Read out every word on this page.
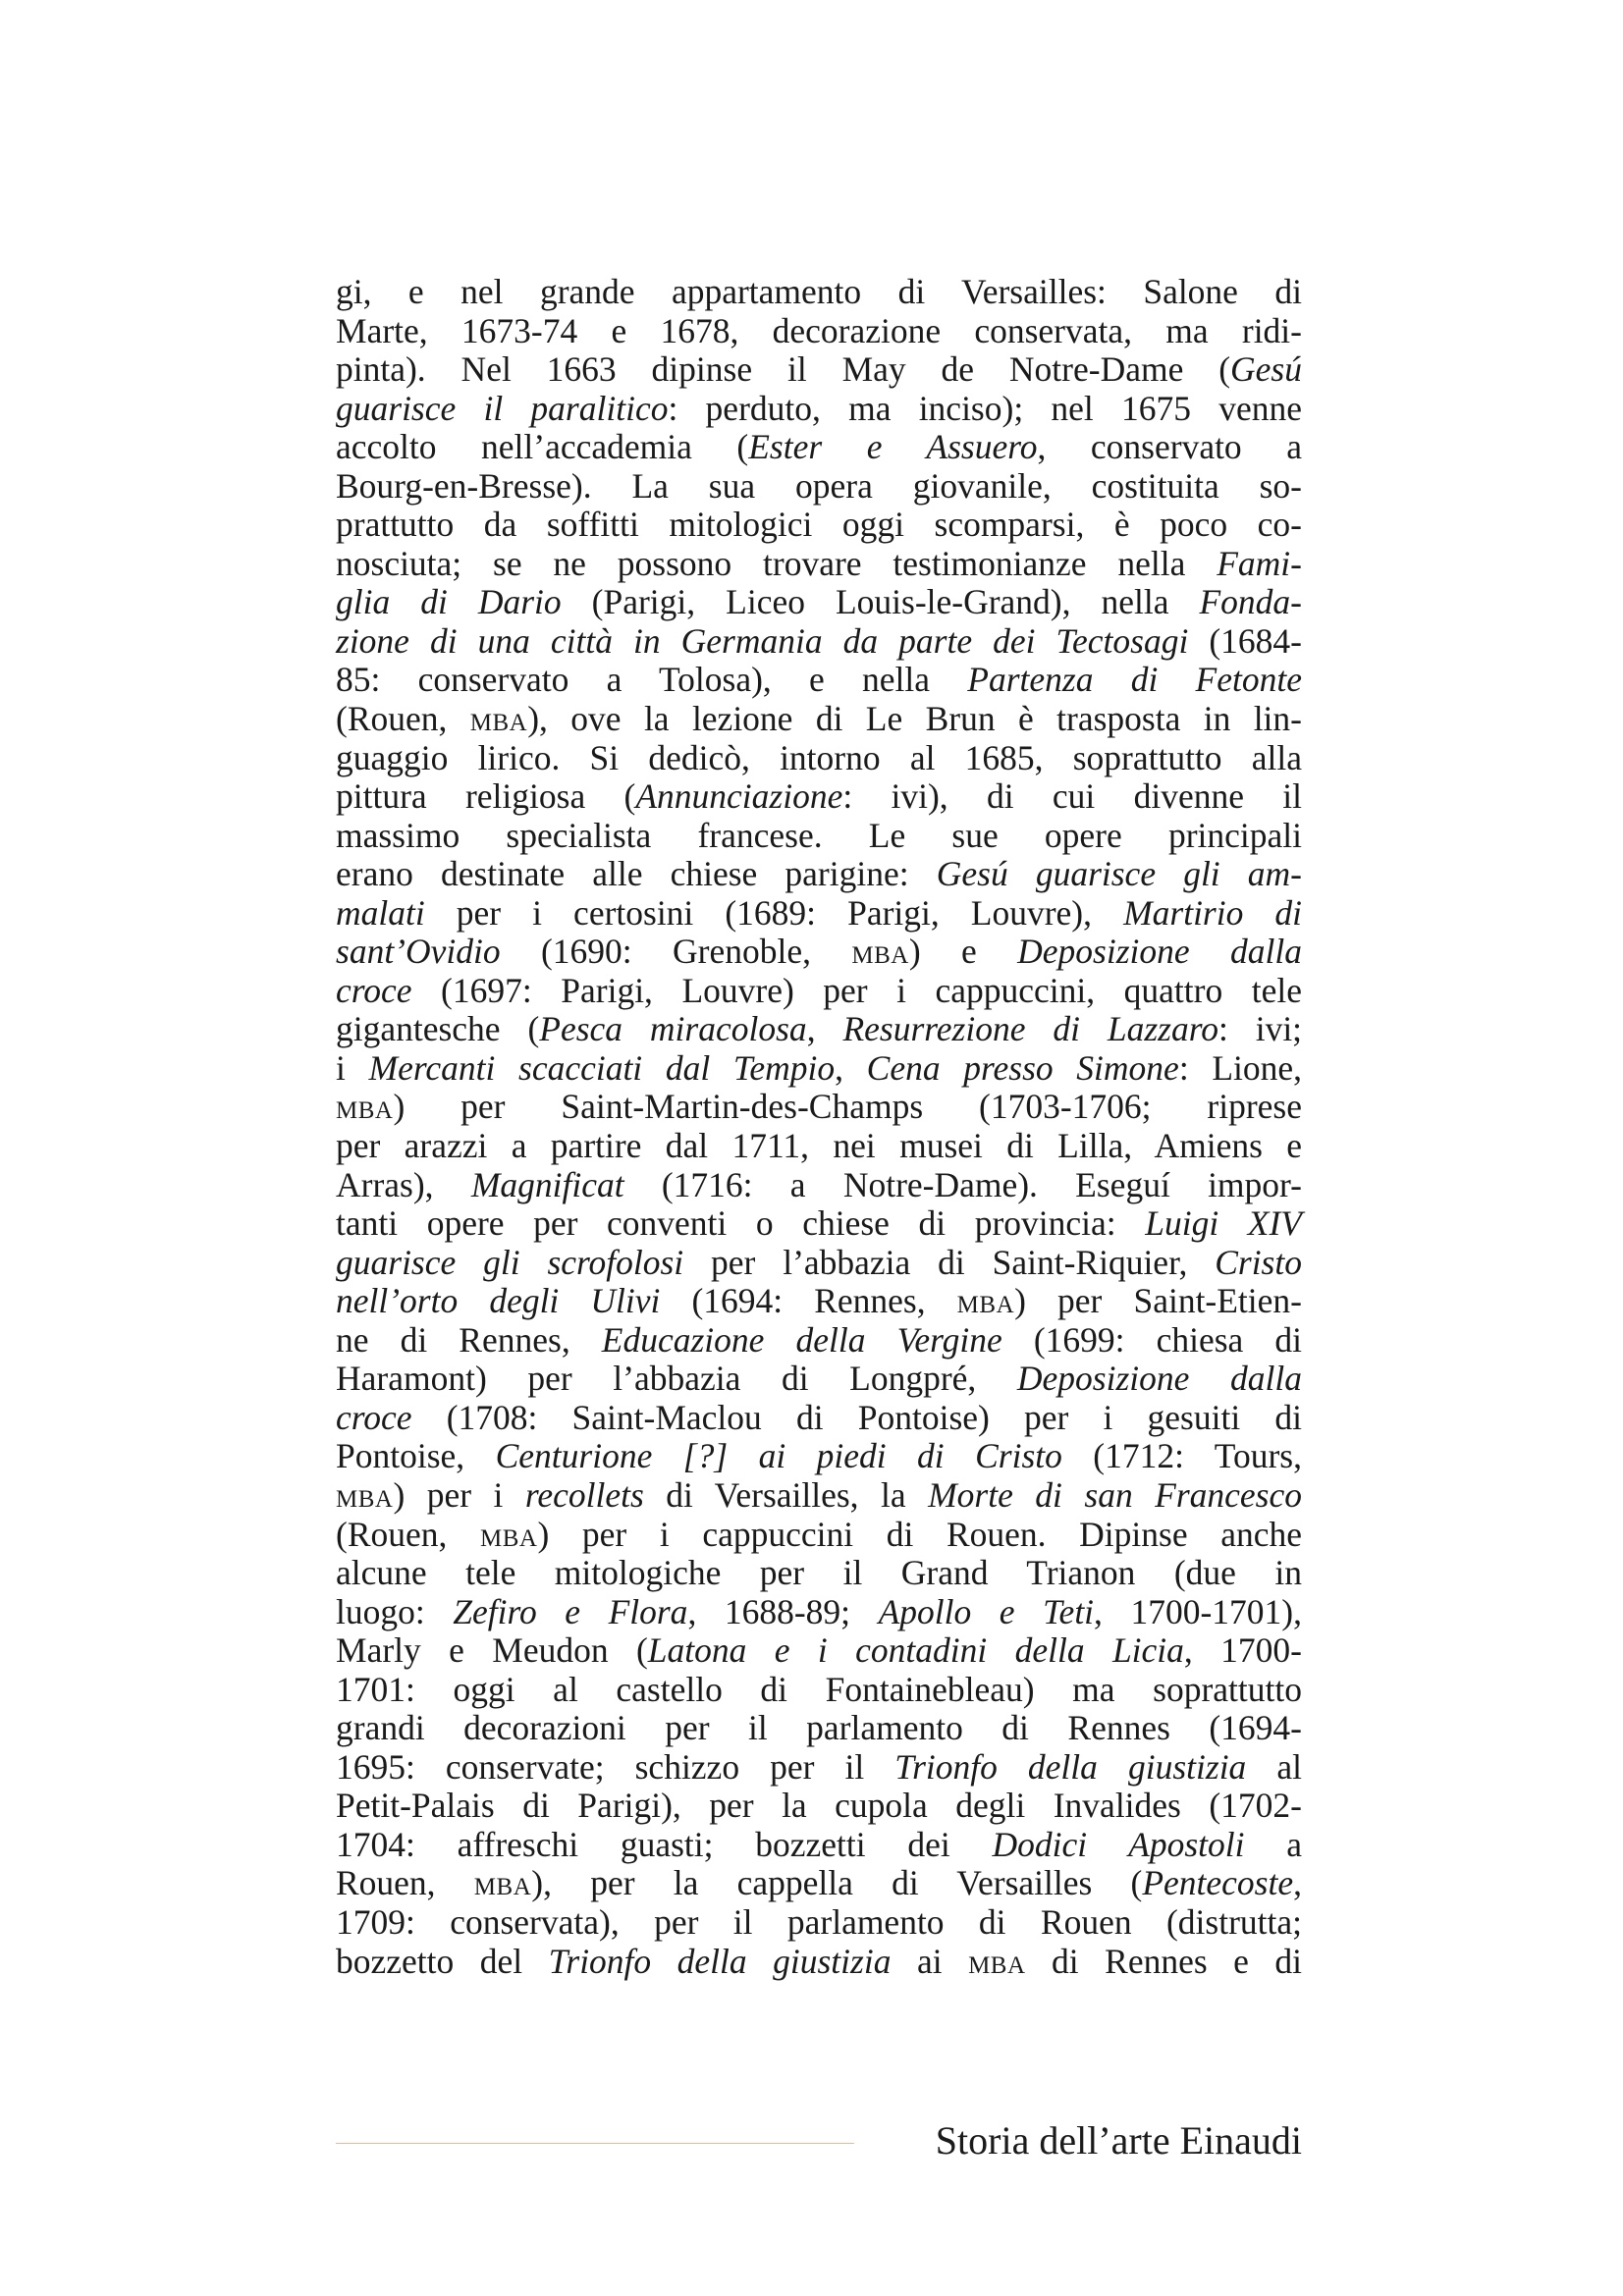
gi, e nel grande appartamento di Versailles: Salone di
Marte, 1673-74 e 1678, decorazione conservata, ma ridi-
pinta). Nel 1663 dipinse il May de Notre-Dame (Gesú
guarisce il paralitico: perduto, ma inciso); nel 1675 venne
accolto nell’accademia (Ester e Assuero, conservato a
Bourg-en-Bresse). La sua opera giovanile, costituita so-
prattutto da soffitti mitologici oggi scomparsi, è poco co-
nosciuta; se ne possono trovare testimonianze nella Fami-
glia di Dario (Parigi, Liceo Louis-le-Grand), nella Fonda-
zione di una città in Germania da parte dei Tectosagi (1684-
85: conservato a Tolosa), e nella Partenza di Fetonte
(Rouen, mba), ove la lezione di Le Brun è trasposta in lin-
guaggio lirico. Si dedicò, intorno al 1685, soprattutto alla
pittura religiosa (Annunciazione: ivi), di cui divenne il
massimo specialista francese. Le sue opere principali
erano destinate alle chiese parigine: Gesú guarisce gli am-
malati per i certosini (1689: Parigi, Louvre), Martirio di
sant’Ovidio (1690: Grenoble, mba) e Deposizione dalla
croce (1697: Parigi, Louvre) per i cappuccini, quattro tele
gigantesche (Pesca miracolosa, Resurrezione di Lazzaro: ivi;
i Mercanti scacciati dal Tempio, Cena presso Simone: Lione,
mba) per Saint-Martin-des-Champs (1703-1706; riprese
per arazzi a partire dal 1711, nei musei di Lilla, Amiens e
Arras), Magnificat (1716: a Notre-Dame). Eseguí impor-
tanti opere per conventi o chiese di provincia: Luigi XIV
guarisce gli scrofolosi per l’abbazia di Saint-Riquier, Cristo
nell’orto degli Ulivi (1694: Rennes, mba) per Saint-Etien-
ne di Rennes, Educazione della Vergine (1699: chiesa di
Haramont) per l’abbazia di Longpré, Deposizione dalla
croce (1708: Saint-Maclou di Pontoise) per i gesuiti di
Pontoise, Centurione [?] ai piedi di Cristo (1712: Tours,
mba) per i recollets di Versailles, la Morte di san Francesco
(Rouen, mba) per i cappuccini di Rouen. Dipinse anche
alcune tele mitologiche per il Grand Trianon (due in
luogo: Zefiro e Flora, 1688-89; Apollo e Teti, 1700-1701),
Marly e Meudon (Latona e i contadini della Licia, 1700-
1701: oggi al castello di Fontainebleau) ma soprattutto
grandi decorazioni per il parlamento di Rennes (1694-
1695: conservate; schizzo per il Trionfo della giustizia al
Petit-Palais di Parigi), per la cupola degli Invalides (1702-
1704: affreschi guasti; bozzetti dei Dodici Apostoli a
Rouen, mba), per la cappella di Versailles (Pentecoste,
1709: conservata), per il parlamento di Rouen (distrutta;
bozzetto del Trionfo della giustizia ai mba di Rennes e di
Storia dell’arte Einaudi
